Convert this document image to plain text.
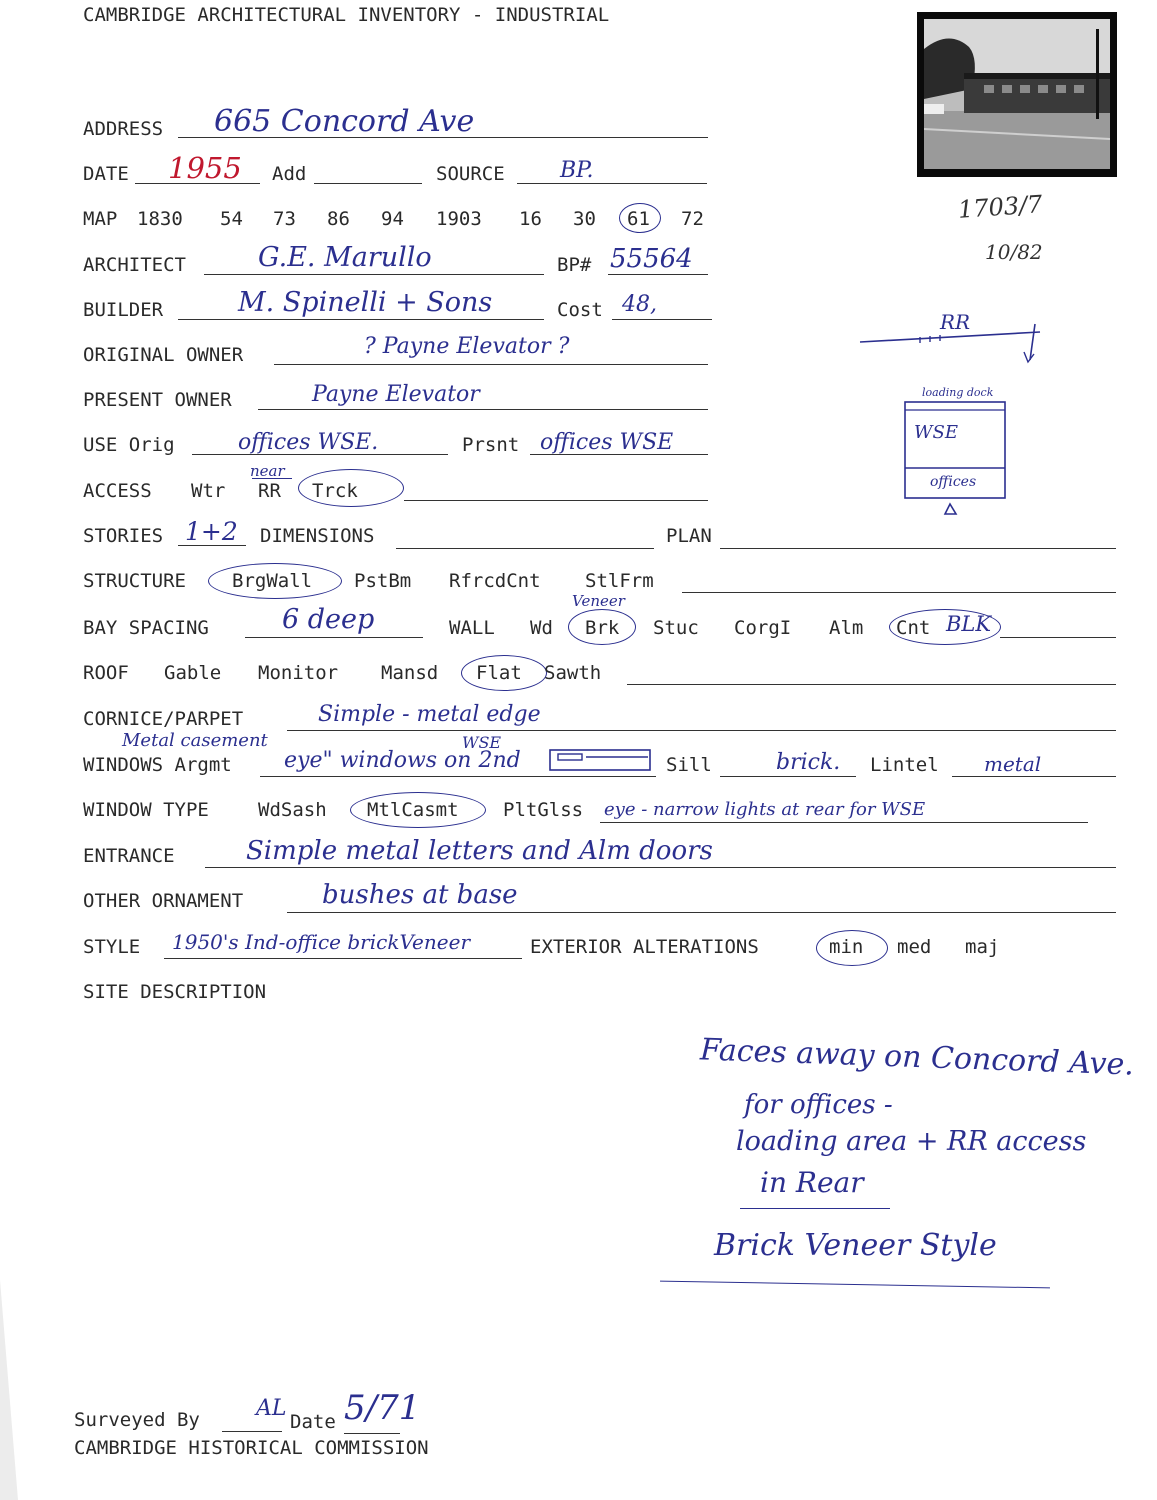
CAMBRIDGE ARCHITECTURAL INVENTORY - INDUSTRIAL
1703/7
10/82
ADDRESS 665 Concord Ave
DATE 1955 Add	SOURCE	BP.
MAP 1830 54 73 86 94 1903 16 30 61 72
ARCHITECT	G.E. Marullo	BP# 55564
BUILDER	M. Spinelli + Sons	Cost 48,
ORIGINAL OWNER	? Payne Elevator ?
PRESENT OWNER	Payne Elevator
USE Orig	offices WSE.	Prsnt offices WSE
ACCESS Wtr RR Trck
near
STORIES 1+2 DIMENSIONS	PLAN
STRUCTURE BrgWall PstBm RfrcdCnt StlFrm
BAY SPACING	6 deep	WALL Wd Brk
Veneer
Stuc CorgI Alm Cnt BLK
ROOF Gable Monitor Mansd Flat Sawth
CORNICE/PARPET	Simple - metal edge
Metal casement
WINDOWS Argmt eye" windows on 2nd
WSE
Sill	brick. Lintel metal
WINDOW TYPE	WdSash MtlCasmt PltGlss eye - narrow lights at rear for WSE
ENTRANCE	Simple metal letters and Alm doors
OTHER ORNAMENT	bushes at base
STYLE 1950's Ind-office brickVeneer	EXTERIOR ALTERATIONS	min med maj
SITE DESCRIPTION
RR
loading dock
WSE
offices
Faces away on Concord Ave.
for offices -
loading area + RR access
in Rear
Brick Veneer Style
Surveyed By	AL
Date 5/71
CAMBRIDGE HISTORICAL COMMISSION
